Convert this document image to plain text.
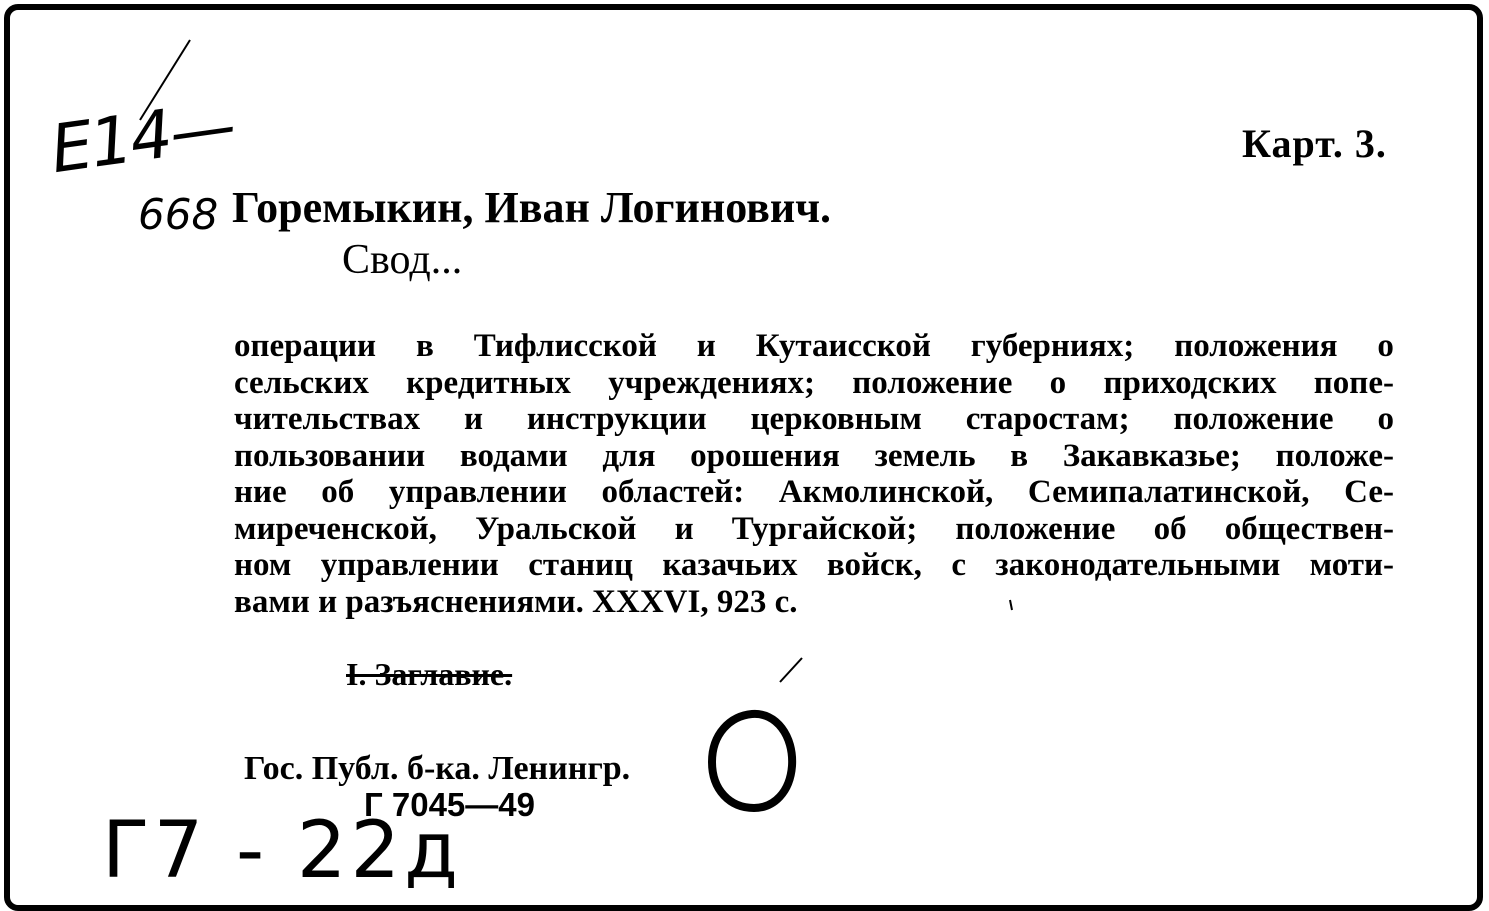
Карт. 3.
Горемыкин, Иван Логинович.
Свод...
операции в Тифлисской и Кутаисской губерниях; положения о
сельских кредитных учреждениях; положение о приходских попе-
чительствах и инструкции церковным старостам; положение о
пользовании водами для орошения земель в Закавказье; положе-
ние об управлении областей: Акмолинской, Семипалатинской, Се-
миреченской, Уральской и Тургайской; положение об обществен-
ном управлении станиц казачьих войск, с законодательными моти-
вами
и
разъяснениями.
XXXVI,
923
с.
I. Заглавие.
Гос. Публ. б-ка. Ленингр.
Г 7045—49
Е14—
668
Г7 - 22д
